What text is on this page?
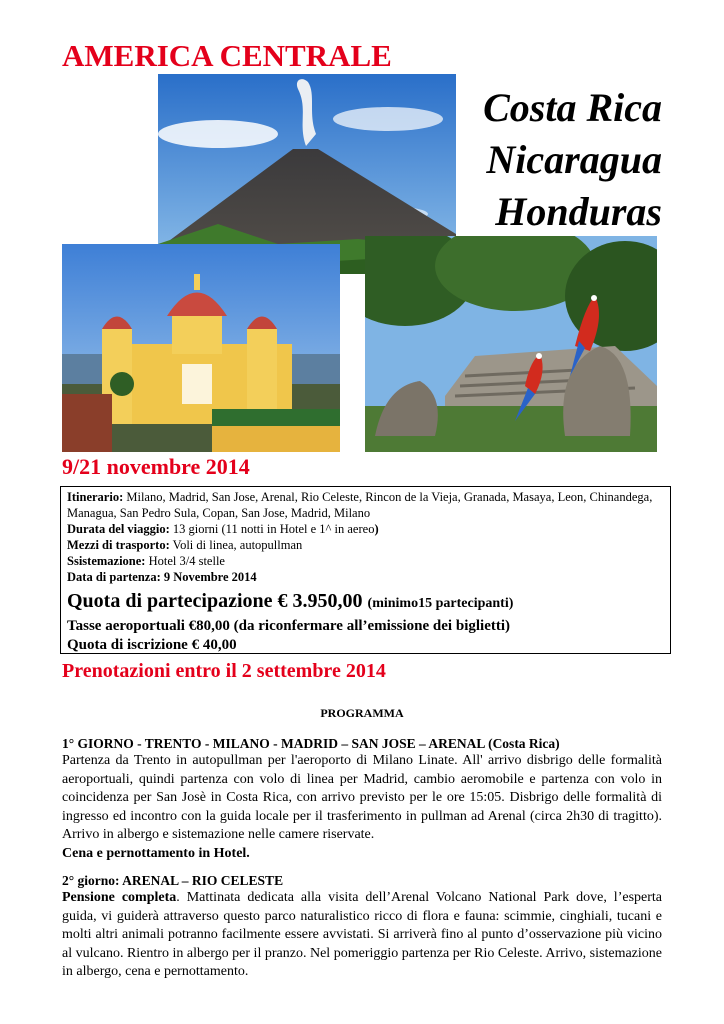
AMERICA CENTRALE
Costa Rica
Nicaragua
Honduras
9/21 novembre 2014
Itinerario: Milano, Madrid, San Jose, Arenal, Rio Celeste, Rincon de la Vieja, Granada, Masaya, Leon, Chinandega, Managua, San Pedro Sula, Copan, San Jose, Madrid, Milano
Durata del viaggio: 13 giorni (11 notti in Hotel e 1^ in aereo)
Mezzi di trasporto: Voli di linea, autopullman
Ssistemazione: Hotel 3/4 stelle
Data di partenza: 9 Novembre 2014
Quota di partecipazione € 3.950,00 (minimo15 partecipanti)
Tasse aeroportuali €80,00 (da riconfermare all’emissione dei biglietti)
Quota di iscrizione € 40,00
Prenotazioni entro il 2 settembre 2014
PROGRAMMA
1° GIORNO - TRENTO - MILANO - MADRID – SAN JOSE – ARENAL (Costa Rica)

Partenza da Trento in autopullman per l'aeroporto di Milano Linate. All' arrivo disbrigo delle formalità aeroportuali, quindi partenza con volo di linea per Madrid, cambio aeromobile e partenza con volo in coincidenza per San Josè in Costa Rica, con arrivo previsto per le ore 15:05. Disbrigo delle formalità di ingresso ed incontro con la guida locale per il trasferimento in pullman ad Arenal (circa 2h30 di tragitto). Arrivo in albergo e sistemazione nelle camere riservate.
Cena e pernottamento in Hotel.

2° giorno: ARENAL – RIO CELESTE

Pensione completa. Mattinata dedicata alla visita dell’Arenal Volcano National Park dove, l’esperta guida, vi guiderà attraverso questo parco naturalistico ricco di flora e fauna: scimmie, cinghiali, tucani e molti altri animali potranno facilmente essere avvistati. Si arriverà fino al punto d’osservazione più vicino al vulcano. Rientro in albergo per il pranzo. Nel pomeriggio partenza per Rio Celeste. Arrivo, sistemazione in albergo, cena e pernottamento.
